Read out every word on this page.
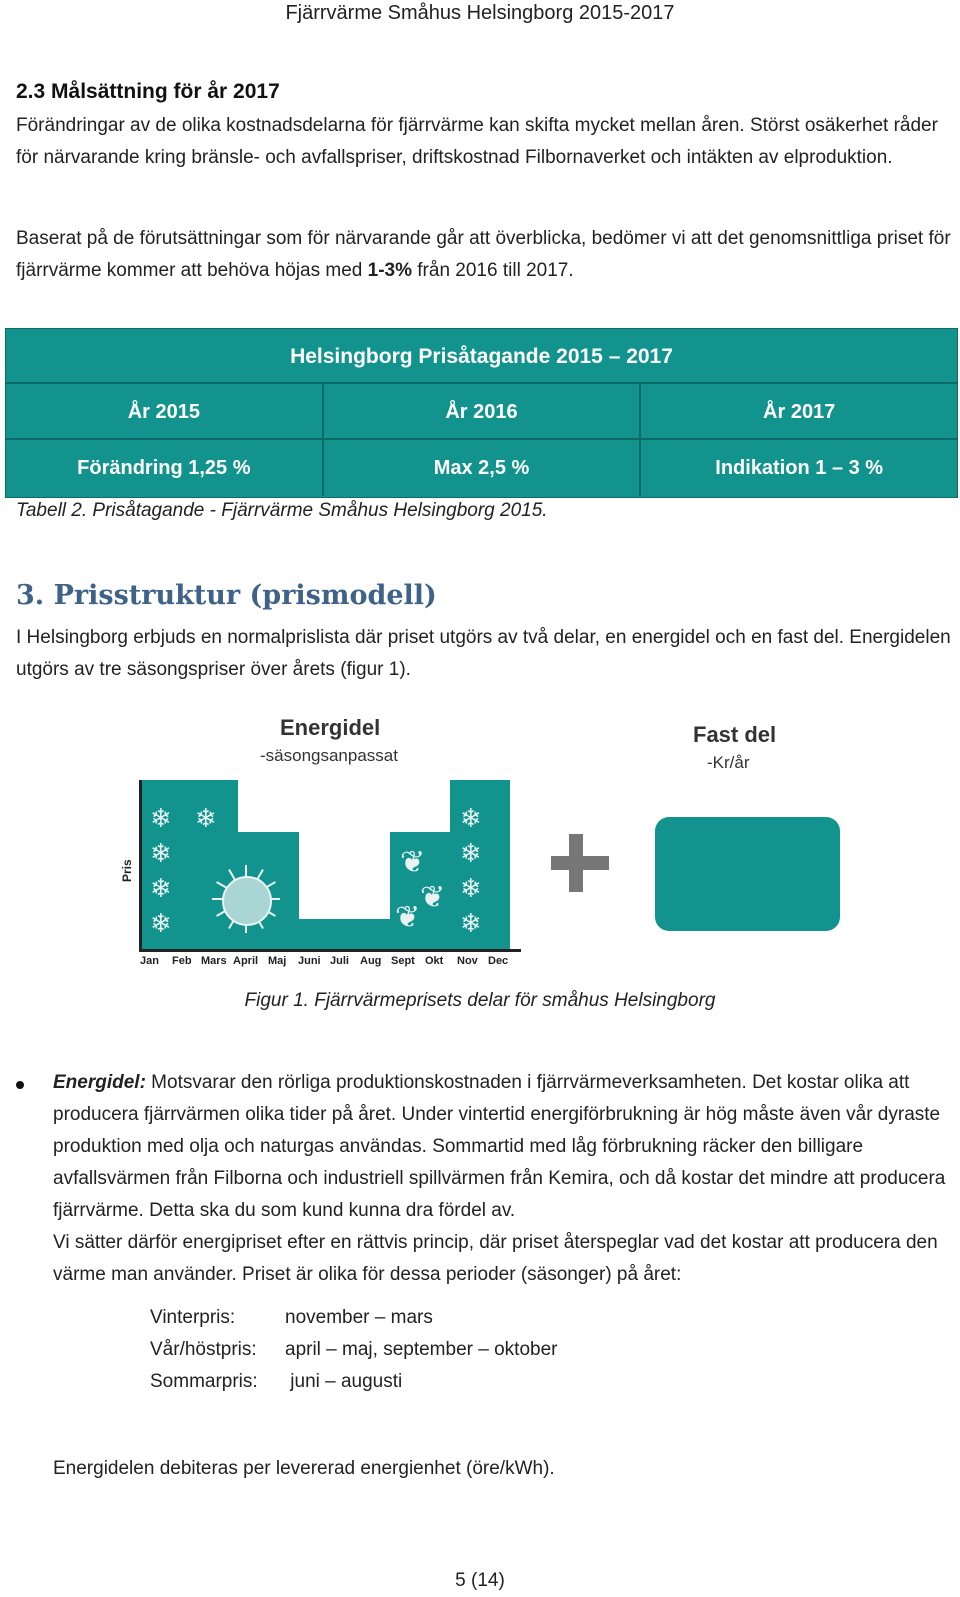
Fjärrvärme Småhus Helsingborg 2015-2017
2.3 Målsättning för år 2017
Förändringar av de olika kostnadsdelarna för fjärrvärme kan skifta mycket mellan åren. Störst osäkerhet råder för närvarande kring bränsle- och avfallspriser, driftskostnad Filbornaverket och intäkten av elproduktion.
Baserat på de förutsättningar som för närvarande går att överblicka, bedömer vi att det genomsnittliga priset för fjärrvärme kommer att behöva höjas med 1-3% från 2016 till 2017.
Helsingborg Prisåtagande 2015 – 2017
År 2015	År 2016	År 2017
Förändring 1,25 %	Max 2,5 %	Indikation 1 – 3 %
Tabell 2. Prisåtagande - Fjärrvärme Småhus Helsingborg 2015.
3. Prisstruktur (prismodell)
I Helsingborg erbjuds en normalprislista där priset utgörs av två delar, en energidel och en fast del. Energidelen utgörs av tre säsongspriser över årets (figur 1).
Energidel
-säsongsanpassat
Fast del
-Kr/år
❄
❄
❄
❄
❄	❄
❄
❄
❄
❦
❦
❦
Pris
Jan Feb Mars April Maj Juni Juli Aug Sept Okt Nov Dec
Figur 1. Fjärrvärmeprisets delar för småhus Helsingborg
Energidel: Motsvarar den rörliga produktionskostnaden i fjärrvärmeverksamheten. Det kostar olika att producera fjärrvärmen olika tider på året. Under vintertid energiförbrukning är hög måste även vår dyraste produktion med olja och naturgas användas. Sommartid med låg förbrukning räcker den billigare avfallsvärmen från Filborna och industriell spillvärmen från Kemira, och då kostar det mindre att producera fjärrvärme. Detta ska du som kund kunna dra fördel av.
Vi sätter därför energipriset efter en rättvis princip, där priset återspeglar vad det kostar att producera den värme man använder. Priset är olika för dessa perioder (säsonger) på året:
Vinterpris:	november – mars
Vår/höstpris: april – maj, september – oktober
Sommarpris: juni – augusti
Energidelen debiteras per levererad energienhet (öre/kWh).
5 (14)
